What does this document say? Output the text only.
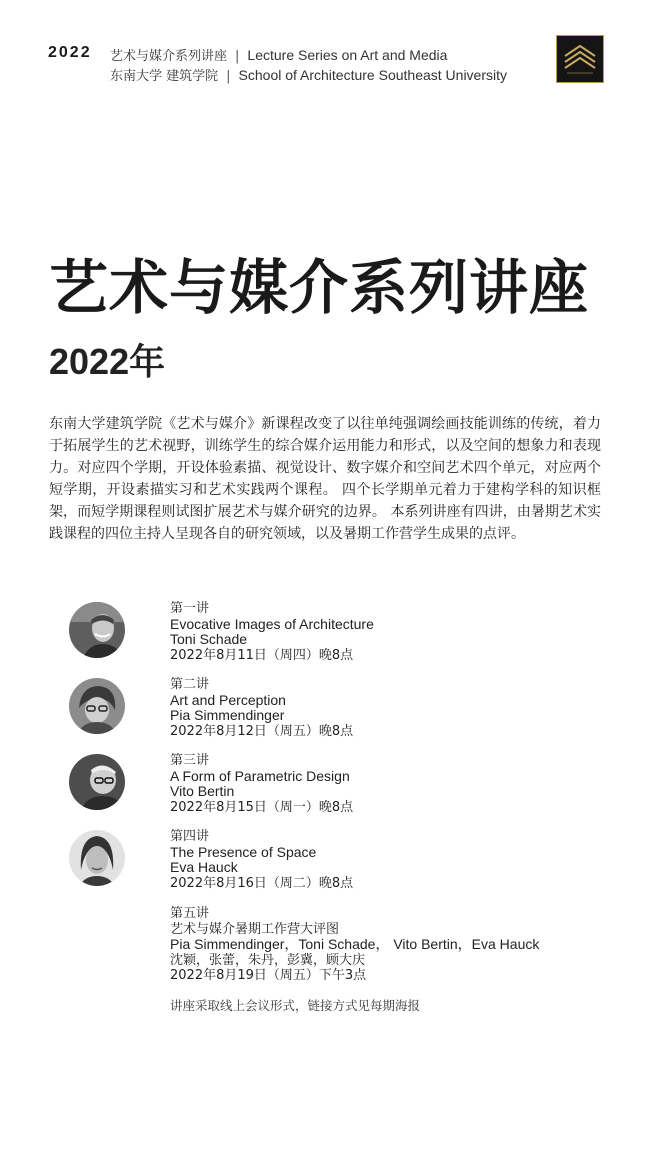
2022 艺术与媒介系列讲座 | Lecture Series on Art and Media
东南大学 建筑学院 | School of Architecture Southeast University
艺术与媒介系列讲座
2022年

东南大学建筑学院《艺术与媒介》新课程改变了以往单纯强调绘画技能训练的传统，着力于拓展学生的艺术视野，训练学生的综合媒介运用能力和形式，以及空间的想象力和表现力。对应四个学期，开设体验素描、视觉设计、数字媒介和空间艺术四个单元，对应两个短学期，开设素描实习和艺术实践两个课程。 四个长学期单元着力于建构学科的知识框架，而短学期课程则试图扩展艺术与媒介研究的边界。 本系列讲座有四讲，由暑期艺术实践课程的四位主持人呈现各自的研究领域，以及暑期工作营学生成果的点评。

第一讲
Evocative Images of Architecture
Toni Schade
2022年8月11日（周四）晚8点
第二讲
Art and Perception
Pia Simmendinger
2022年8月12日（周五）晚8点
第三讲
A Form of Parametric Design
Vito Bertin
2022年8月15日（周一）晚8点
第四讲
The Presence of Space
Eva Hauck
2022年8月16日（周二）晚8点
第五讲
艺术与媒介暑期工作营大评图
Pia Simmendinger，Toni Schade， Vito Bertin，Eva Hauck
沈颖，张蕾，朱丹，彭冀，顾大庆
2022年8月19日（周五）下午3点

讲座采取线上会议形式，链接方式见每期海报
